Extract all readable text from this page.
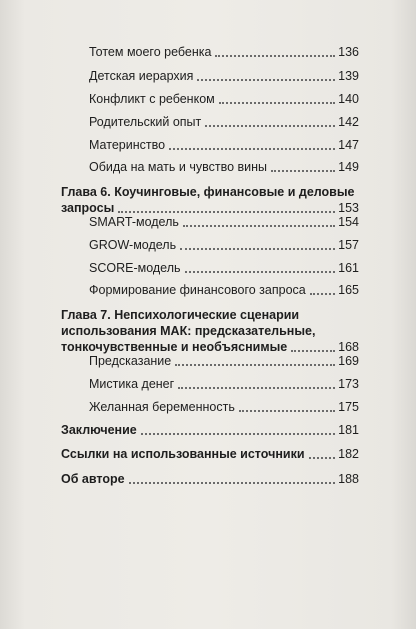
Тотем моего ребенка	136
Детская иерархия	139
Конфликт с ребенком	140
Родительский опыт	142
Материнство	147
Обида на мать и чувство вины	149
Глава 6. Коучинговые, финансовые и деловые
запросы	153
SMART-модель	154
GROW-модель	157
SCORE-модель	161
Формирование финансового запроса	165
Глава 7. Непсихологические сценарии
использования МАК: предсказательные,
тонкочувственные и необъяснимые	168
Предсказание	169
Мистика денег	173
Желанная беременность	175
Заключение	181
Ссылки на использованные источники	182
Об авторе	188
